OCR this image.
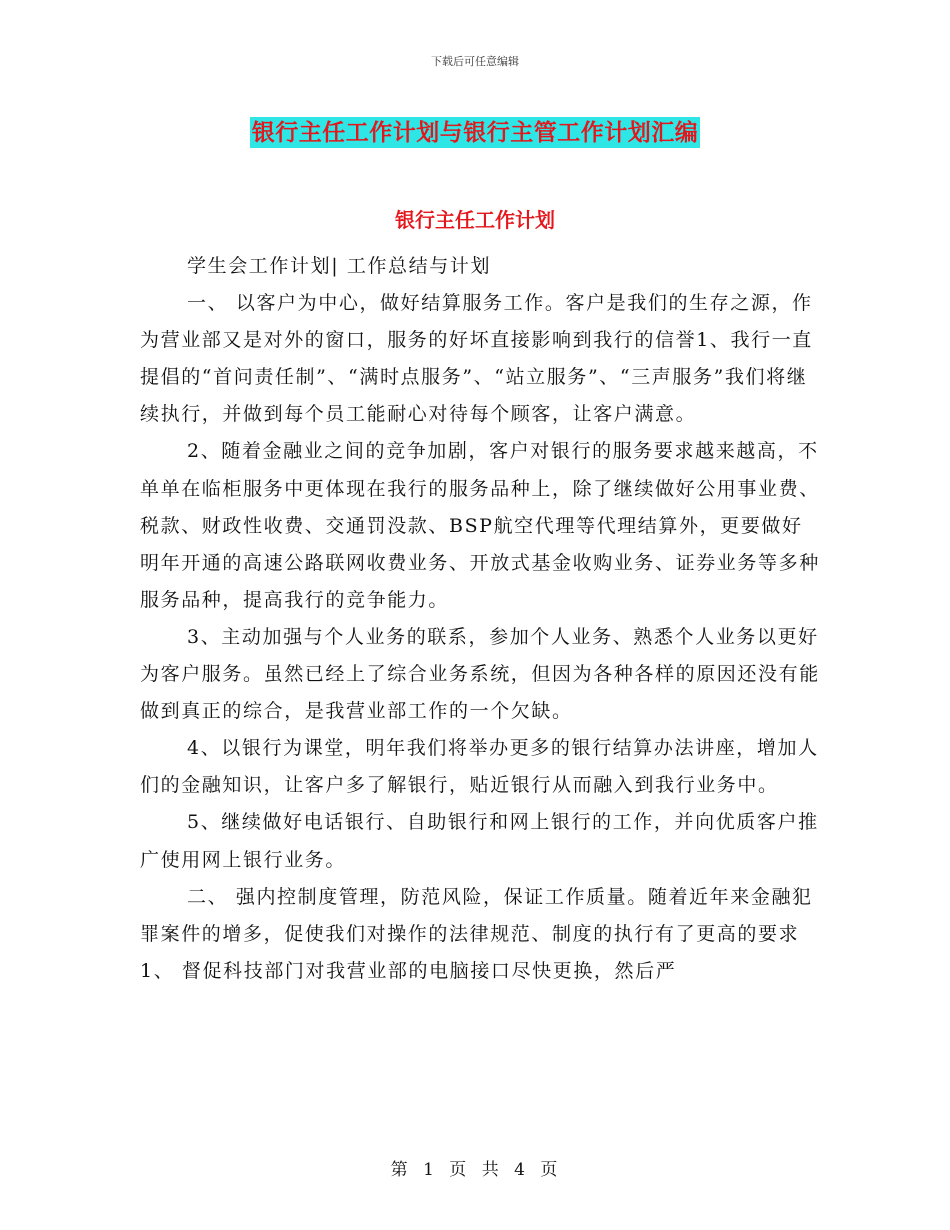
下载后可任意编辑
银行主任工作计划与银行主管工作计划汇编
银行主任工作计划

学生会工作计划| 工作总结与计划

一、 以客户为中心，做好结算服务工作。客户是我们的生存之源，作为营业部又是对外的窗口，服务的好坏直接影响到我行的信誉1、我行一直提倡的“首问责任制”、“满时点服务”、“站立服务”、“三声服务”我们将继续执行，并做到每个员工能耐心对待每个顾客，让客户满意。

2、随着金融业之间的竞争加剧，客户对银行的服务要求越来越高，不单单在临柜服务中更体现在我行的服务品种上，除了继续做好公用事业费、税款、财政性收费、交通罚没款、BSP航空代理等代理结算外，更要做好明年开通的高速公路联网收费业务、开放式基金收购业务、证券业务等多种服务品种，提高我行的竞争能力。

3、主动加强与个人业务的联系，参加个人业务、熟悉个人业务以更好为客户服务。虽然已经上了综合业务系统，但因为各种各样的原因还没有能做到真正的综合，是我营业部工作的一个欠缺。

4、以银行为课堂，明年我们将举办更多的银行结算办法讲座，增加人们的金融知识，让客户多了解银行，贴近银行从而融入到我行业务中。

5、继续做好电话银行、自助银行和网上银行的工作，并向优质客户推广使用网上银行业务。

二、 强内控制度管理，防范风险，保证工作质量。随着近年来金融犯罪案件的增多，促使我们对操作的法律规范、制度的执行有了更高的要求1、 督促科技部门对我营业部的电脑接口尽快更换，然后严

第 1 页 共 4 页
